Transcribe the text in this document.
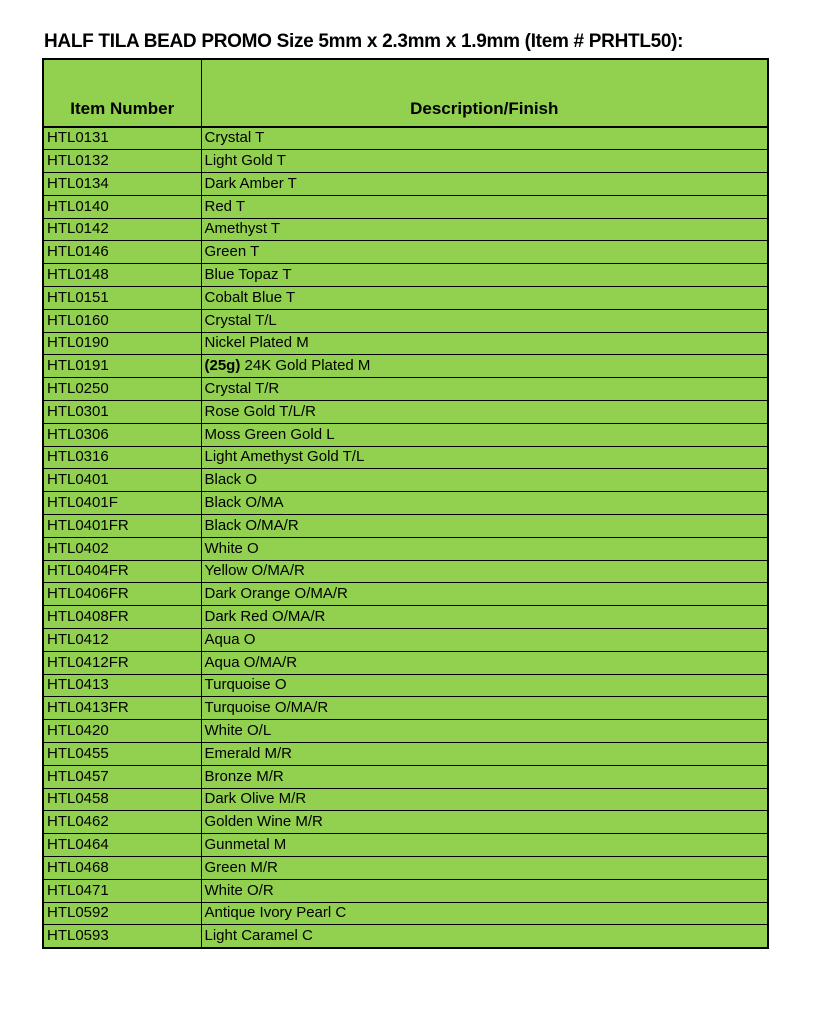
HALF TILA BEAD PROMO Size 5mm x 2.3mm x 1.9mm (Item # PRHTL50):
Item Number	Description/Finish
HTL0131	Crystal T
HTL0132	Light Gold T
HTL0134	Dark Amber T
HTL0140	Red T
HTL0142	Amethyst T
HTL0146	Green T
HTL0148	Blue Topaz T
HTL0151	Cobalt Blue T
HTL0160	Crystal T/L
HTL0190	Nickel Plated M
HTL0191	(25g) 24K Gold Plated M
HTL0250	Crystal T/R
HTL0301	Rose Gold T/L/R
HTL0306	Moss Green Gold L
HTL0316	Light Amethyst Gold T/L
HTL0401	Black O
HTL0401F	Black O/MA
HTL0401FR	Black O/MA/R
HTL0402	White O
HTL0404FR	Yellow O/MA/R
HTL0406FR	Dark Orange O/MA/R
HTL0408FR	Dark Red O/MA/R
HTL0412	Aqua O
HTL0412FR	Aqua O/MA/R
HTL0413	Turquoise O
HTL0413FR	Turquoise O/MA/R
HTL0420	White O/L
HTL0455	Emerald M/R
HTL0457	Bronze M/R
HTL0458	Dark Olive M/R
HTL0462	Golden Wine M/R
HTL0464	Gunmetal M
HTL0468	Green M/R
HTL0471	White O/R
HTL0592	Antique Ivory Pearl C
HTL0593	Light Caramel C
